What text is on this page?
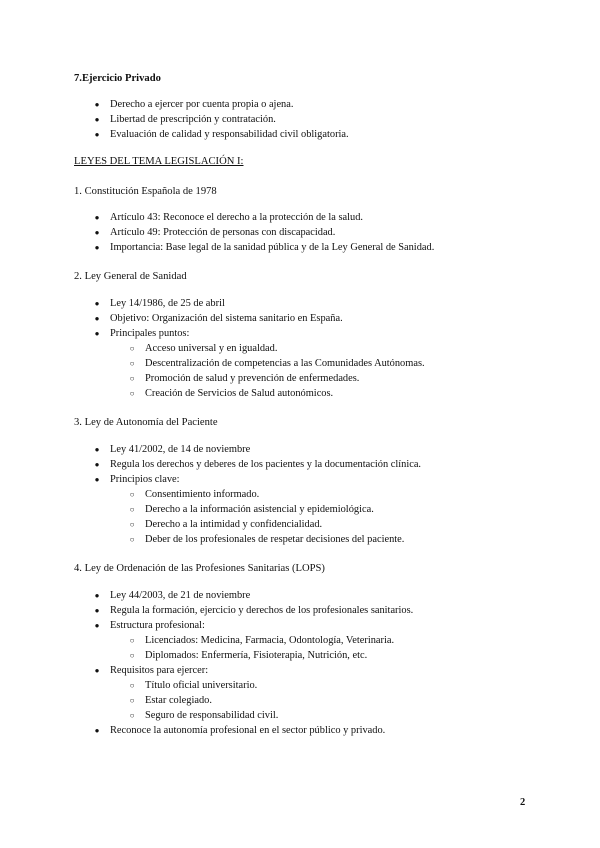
7.Ejercicio Privado
● Derecho a ejercer por cuenta propia o ajena.
● Libertad de prescripción y contratación.
● Evaluación de calidad y responsabilidad civil obligatoria.
LEYES DEL TEMA LEGISLACIÓN I:
1. Constitución Española de 1978
● Artículo 43: Reconoce el derecho a la protección de la salud.
● Artículo 49: Protección de personas con discapacidad.
● Importancia: Base legal de la sanidad pública y de la Ley General de Sanidad.
2. Ley General de Sanidad
● Ley 14/1986, de 25 de abril
● Objetivo: Organización del sistema sanitario en España.
● Principales puntos:
○ Acceso universal y en igualdad.
○ Descentralización de competencias a las Comunidades Autónomas.
○ Promoción de salud y prevención de enfermedades.
○ Creación de Servicios de Salud autonómicos.
3. Ley de Autonomía del Paciente
● Ley 41/2002, de 14 de noviembre
● Regula los derechos y deberes de los pacientes y la documentación clínica.
● Principios clave:
○ Consentimiento informado.
○ Derecho a la información asistencial y epidemiológica.
○ Derecho a la intimidad y confidencialidad.
○ Deber de los profesionales de respetar decisiones del paciente.
4. Ley de Ordenación de las Profesiones Sanitarias (LOPS)
● Ley 44/2003, de 21 de noviembre
● Regula la formación, ejercicio y derechos de los profesionales sanitarios.
● Estructura profesional:
○ Licenciados: Medicina, Farmacia, Odontología, Veterinaria.
○ Diplomados: Enfermería, Fisioterapia, Nutrición, etc.
● Requisitos para ejercer:
○ Título oficial universitario.
○ Estar colegiado.
○ Seguro de responsabilidad civil.
● Reconoce la autonomía profesional en el sector público y privado.
2
